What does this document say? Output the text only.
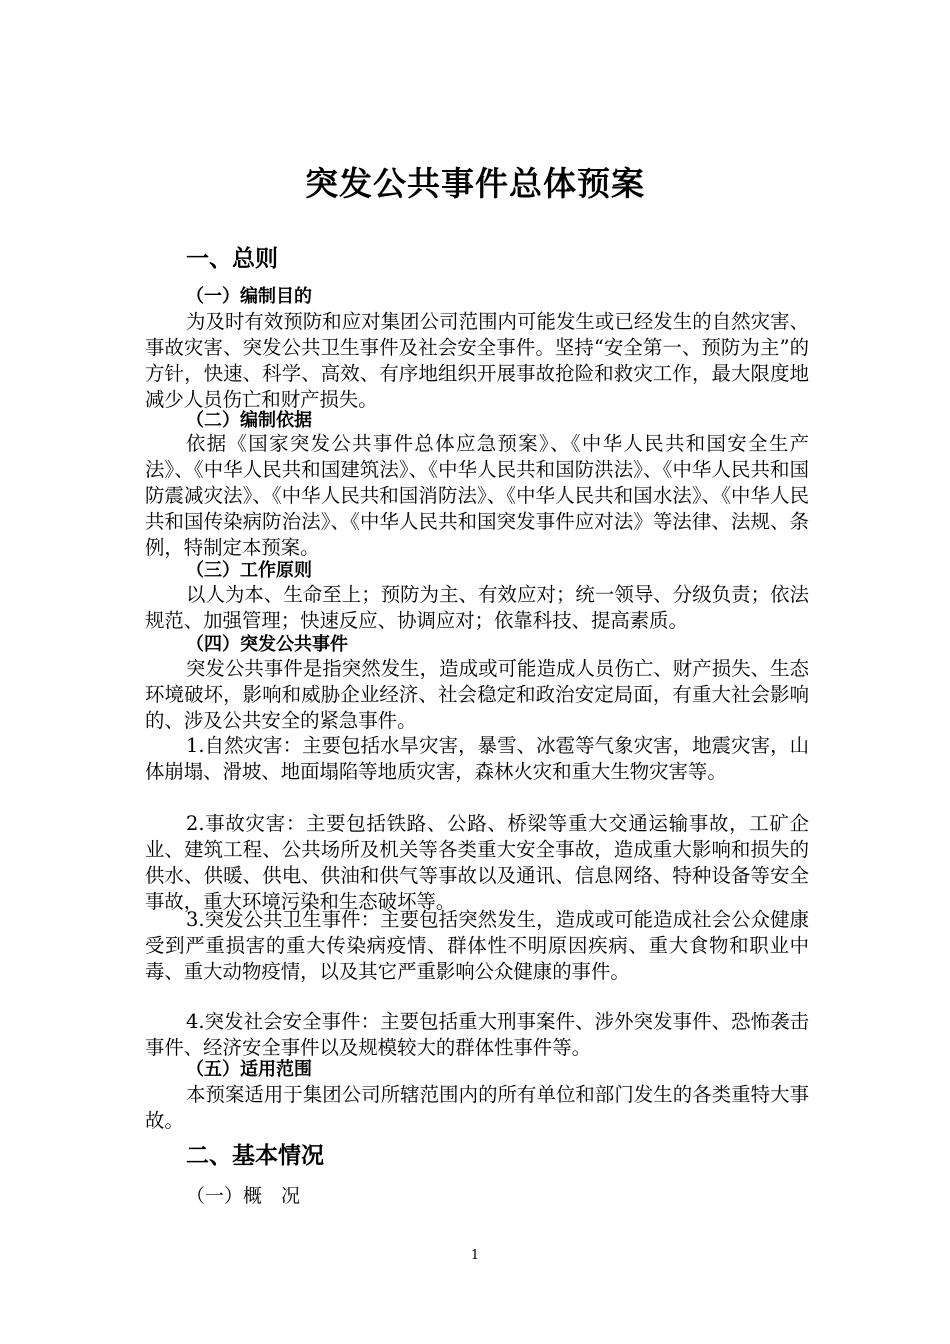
突发公共事件总体预案
一、总则
（一）编制目的

为及时有效预防和应对集团公司范围内可能发生或已经发生的自然灾害、事故灾害、突发公共卫生事件及社会安全事件。坚持“安全第一、预防为主”的方针，快速、科学、高效、有序地组织开展事故抢险和救灾工作，最大限度地减少人员伤亡和财产损失。

（二）编制依据

依据《国家突发公共事件总体应急预案》、《中华人民共和国安全生产法》、《中华人民共和国建筑法》、《中华人民共和国防洪法》、《中华人民共和国防震减灾法》、《中华人民共和国消防法》、《中华人民共和国水法》、《中华人民共和国传染病防治法》、《中华人民共和国突发事件应对法》等法律、法规、条例，特制定本预案。

（三）工作原则

以人为本、生命至上；预防为主、有效应对；统一领导、分级负责；依法规范、加强管理；快速反应、协调应对；依靠科技、提高素质。

（四）突发公共事件

突发公共事件是指突然发生，造成或可能造成人员伤亡、财产损失、生态环境破坏，影响和威胁企业经济、社会稳定和政治安定局面，有重大社会影响的、涉及公共安全的紧急事件。

1.自然灾害：主要包括水旱灾害，暴雪、冰雹等气象灾害，地震灾害，山体崩塌、滑坡、地面塌陷等地质灾害，森林火灾和重大生物灾害等。

2.事故灾害：主要包括铁路、公路、桥梁等重大交通运输事故，工矿企业、建筑工程、公共场所及机关等各类重大安全事故，造成重大影响和损失的供水、供暖、供电、供油和供气等事故以及通讯、信息网络、特种设备等安全事故，重大环境污染和生态破坏等。

3.突发公共卫生事件：主要包括突然发生，造成或可能造成社会公众健康受到严重损害的重大传染病疫情、群体性不明原因疾病、重大食物和职业中毒、重大动物疫情，以及其它严重影响公众健康的事件。

4.突发社会安全事件：主要包括重大刑事案件、涉外突发事件、恐怖袭击事件、经济安全事件以及规模较大的群体性事件等。

（五）适用范围

本预案适用于集团公司所辖范围内的所有单位和部门发生的各类重特大事故。

二、基本情况
（一）概　况
1
